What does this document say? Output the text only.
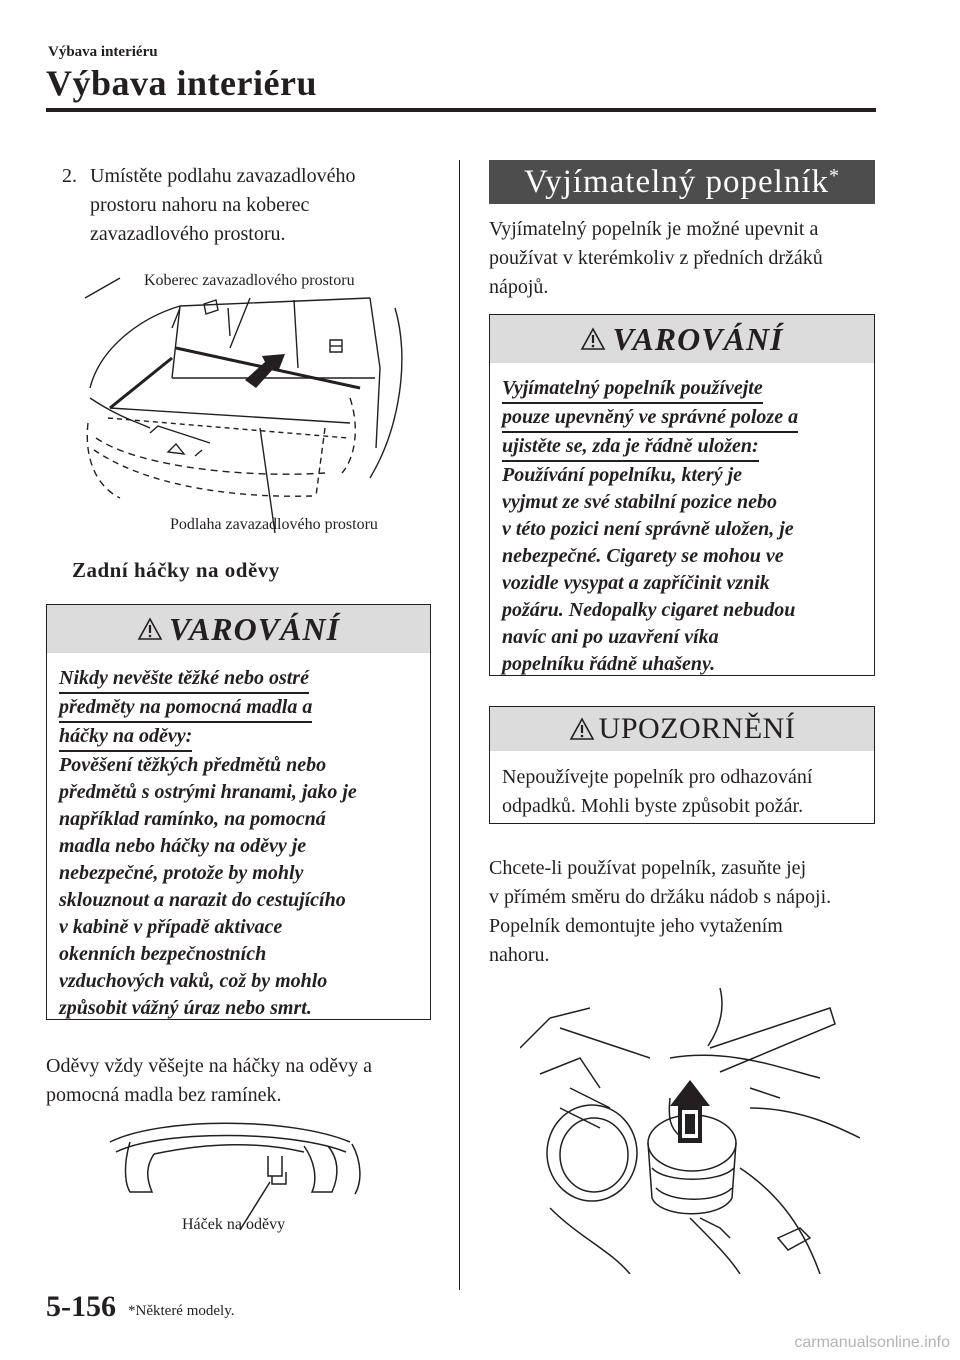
Výbava interiéru
Výbava interiéru
2. Umístěte podlahu zavazadlového
prostoru nahoru na koberec
zavazadlového prostoru.
Koberec zavazadlového prostoru
Podlaha zavazadlového prostoru
Zadní háčky na oděvy
VAROVÁNÍ
Nikdy nevěšte těžké nebo ostré
předměty na pomocná madla a
háčky na oděvy:
Pověšení těžkých předmětů nebo
předmětů s ostrými hranami, jako je
například ramínko, na pomocná
madla nebo háčky na oděvy je
nebezpečné, protože by mohly
sklouznout a narazit do cestujícího
v kabině v případě aktivace
okenních bezpečnostních
vzduchových vaků, což by mohlo
způsobit vážný úraz nebo smrt.
Oděvy vždy věšejte na háčky na oděvy a
pomocná madla bez ramínek.
Háček na oděvy
Vyjímatelný popelník*
Vyjímatelný popelník je možné upevnit a
používat v kterémkoliv z předních držáků
nápojů.
VAROVÁNÍ
Vyjímatelný popelník používejte
pouze upevněný ve správné poloze a
ujistěte se, zda je řádně uložen:
Používání popelníku, který je
vyjmut ze své stabilní pozice nebo
v této pozici není správně uložen, je
nebezpečné. Cigarety se mohou ve
vozidle vysypat a zapříčinit vznik
požáru. Nedopalky cigaret nebudou
navíc ani po uzavření víka
popelníku řádně uhašeny.
UPOZORNĚNÍ
Nepoužívejte popelník pro odhazování
odpadků. Mohli byste způsobit požár.
Chcete-li používat popelník, zasuňte jej
v přímém směru do držáku nádob s nápoji.
Popelník demontujte jeho vytažením
nahoru.
5-156 *Některé modely.
carmanualsonline.info
